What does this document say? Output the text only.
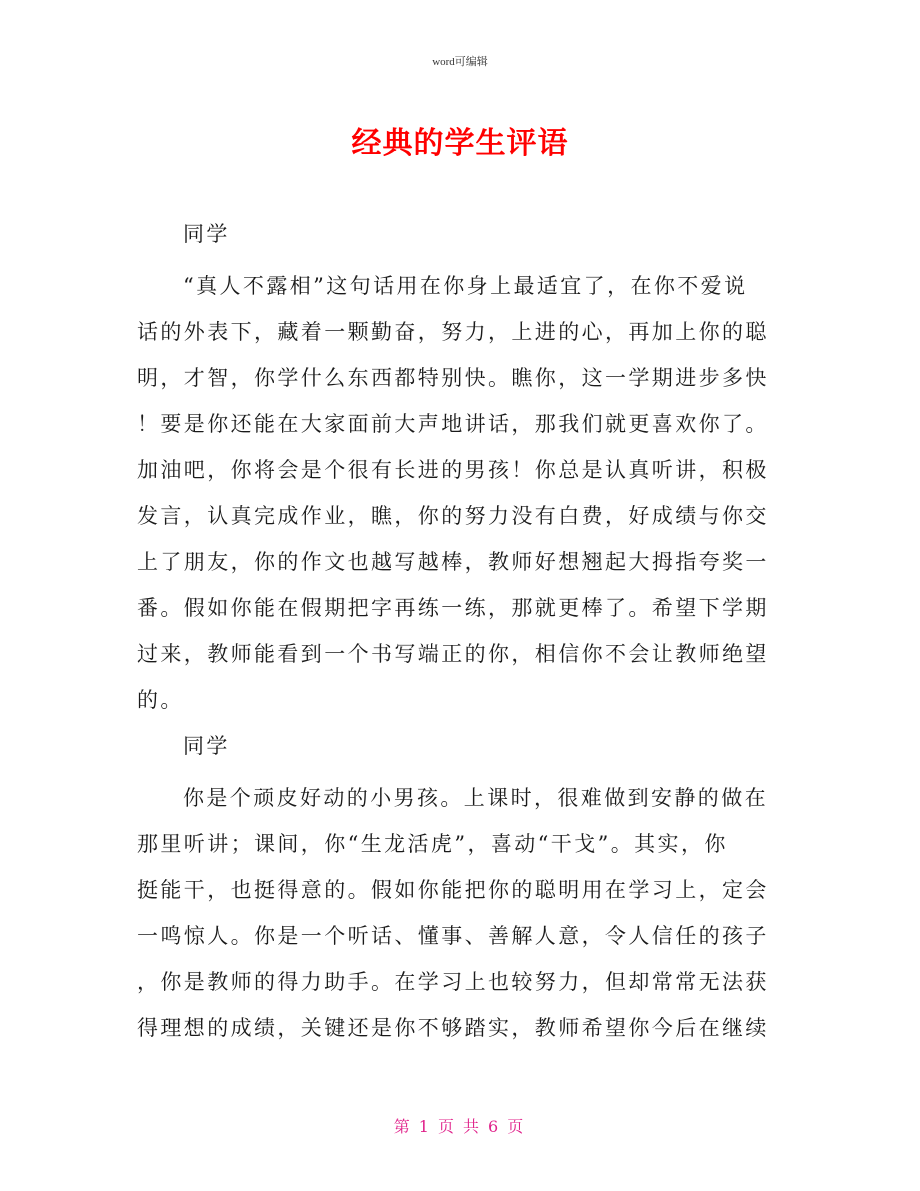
word可编辑
经典的学生评语
同学
“真人不露相”这句话用在你身上最适宜了，在你不爱说
话的外表下，藏着一颗勤奋，努力，上进的心，再加上你的聪
明，才智，你学什么东西都特别快。瞧你，这一学期进步多快
！要是你还能在大家面前大声地讲话，那我们就更喜欢你了。
加油吧，你将会是个很有长进的男孩！你总是认真听讲，积极
发言，认真完成作业，瞧，你的努力没有白费，好成绩与你交
上了朋友，你的作文也越写越棒，教师好想翘起大拇指夸奖一
番。假如你能在假期把字再练一练，那就更棒了。希望下学期
过来，教师能看到一个书写端正的你，相信你不会让教师绝望
的。
同学
你是个顽皮好动的小男孩。上课时，很难做到安静的做在
那里听讲；课间，你“生龙活虎”，喜动“干戈”。其实，你
挺能干，也挺得意的。假如你能把你的聪明用在学习上，定会
一鸣惊人。你是一个听话、懂事、善解人意，令人信任的孩子
，你是教师的得力助手。在学习上也较努力，但却常常无法获
得理想的成绩，关键还是你不够踏实，教师希望你今后在继续
第 1 页 共 6 页
